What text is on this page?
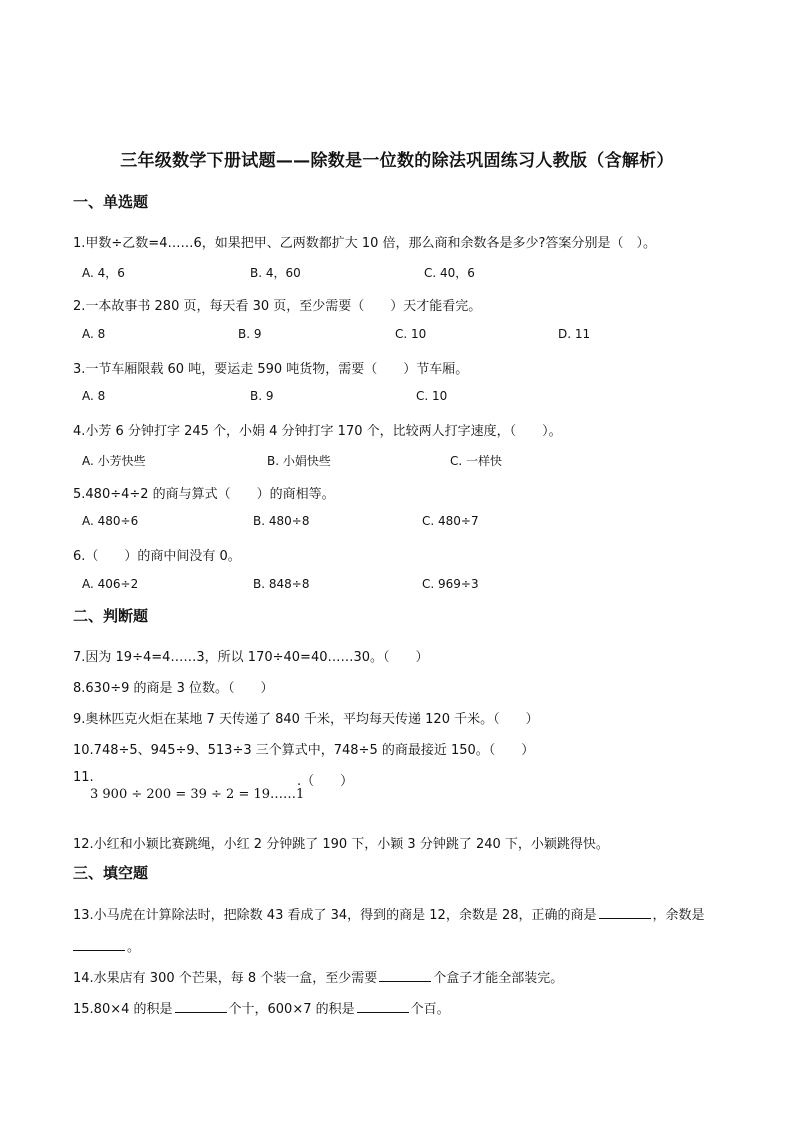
三年级数学下册试题——除数是一位数的除法巩固练习人教版（含解析）
一、单选题
1.甲数÷乙数=4……6，如果把甲、乙两数都扩大 10 倍，那么商和余数各是多少?答案分别是（　）。
A. 4，6	B. 4，60	C. 40，6
2.一本故事书 280 页，每天看 30 页，至少需要（　　）天才能看完。
A. 8	B. 9	C. 10	D. 11
3.一节车厢限载 60 吨，要运走 590 吨货物，需要（　　）节车厢。
A. 8	B. 9	C. 10
4.小芳 6 分钟打字 245 个，小娟 4 分钟打字 170 个，比较两人打字速度，（　　）。
A. 小芳快些	B. 小娟快些	C. 一样快
5.480÷4÷2 的商与算式（　　）的商相等。
A. 480÷6	B. 480÷8	C. 480÷7
6.（　　）的商中间没有 0。
A. 406÷2	B. 848÷8	C. 969÷3
二、判断题
7.因为 19÷4=4……3，所以 170÷40=40……30。（　　）
8.630÷9 的商是 3 位数。（　　）
9.奥林匹克火炬在某地 7 天传递了 840 千米，平均每天传递 120 千米。（　　）
10.748÷5、945÷9、513÷3 三个算式中，748÷5 的商最接近 150。（　　）
11.	.（　　）
3 900 ÷ 200 = 39 ÷ 2 = 19……1
12.小红和小颖比赛跳绳，小红 2 分钟跳了 190 下，小颖 3 分钟跳了 240 下，小颖跳得快。
三、填空题
13.小马虎在计算除法时，把除数 43 看成了 34，得到的商是 12，余数是 28，正确的商是	，余数是
。
14.水果店有 300 个芒果，每 8 个装一盒，至少需要	个盒子才能全部装完。
15.80×4 的积是	个十，600×7 的积是	个百。
